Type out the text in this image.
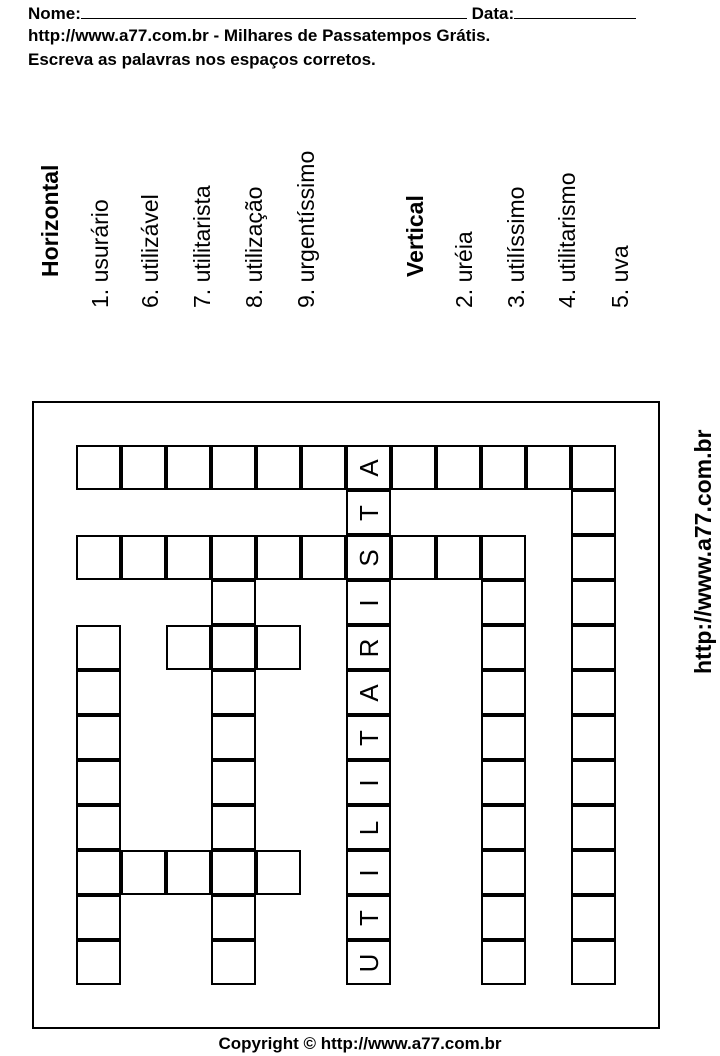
Nome:	Data:
http://www.a77.com.br - Milhares de Passatempos Grátis.
Escreva as palavras nos espaços corretos.
Horizontal 1. usurário 6. utilizável 7. utilitarista 8. utilização 9. urgentíssimo	Vertical 2. uréia 3. utilíssimo 4. utilitarismo 5. uva
http://www.a77.com.br
A
T
S
I
R
A
T
I
L
I
T
U
Copyright © http://www.a77.com.br
